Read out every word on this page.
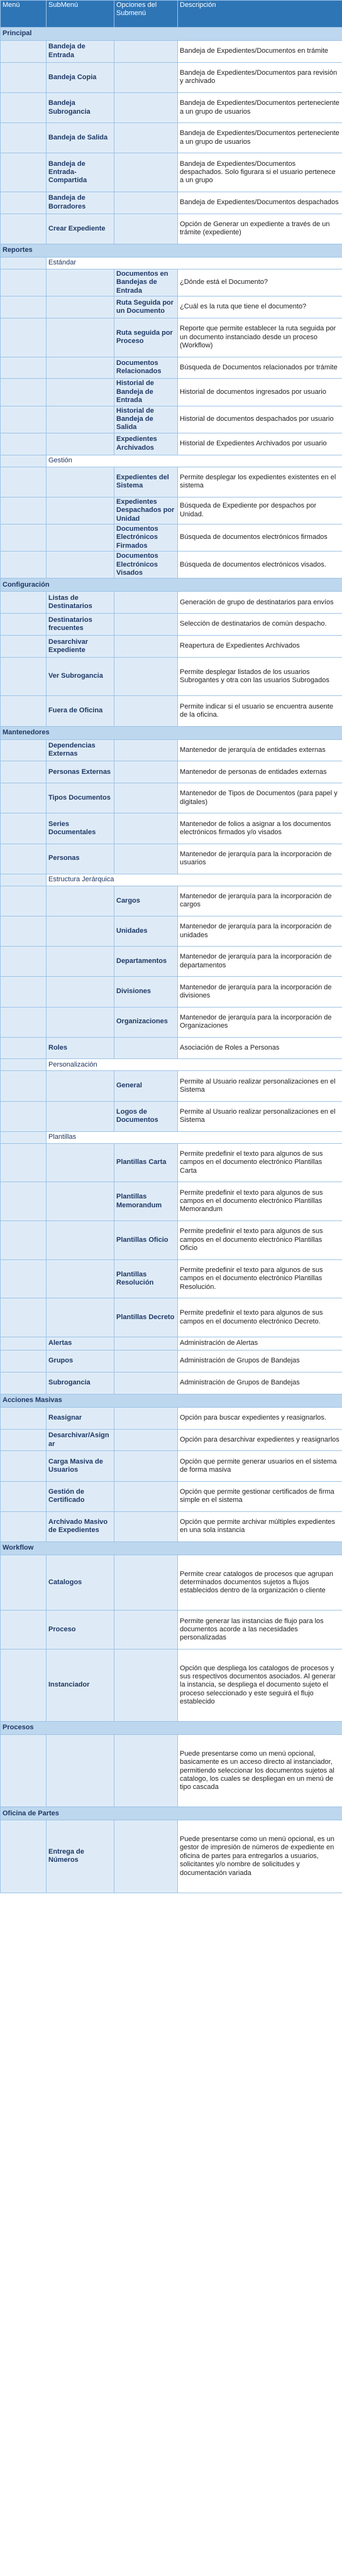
Menú	SubMenú	Opciones del Submenú	Descripción
Principal			
	Bandeja de Entrada		Bandeja de Expedientes/Documentos en trámite
	Bandeja Copia		Bandeja de Expedientes/Documentos para revisión y archivado
	Bandeja Subrogancia		Bandeja de Expedientes/Documentos perteneciente a un grupo de usuarios
	Bandeja de Salida		Bandeja de Expedientes/Documentos perteneciente a un grupo de usuarios
	Bandeja de Entrada-Compartida		Bandeja de Expedientes/Documentos despachados. Solo figurara si el usuario pertenece a un grupo
	Bandeja de Borradores		Bandeja de Expedientes/Documentos despachados
	Crear Expediente		Opción de Generar un expediente a través de un trámite (expediente)
Reportes			
	Estándar		
		Documentos en Bandejas de Entrada	¿Dónde está el Documento?
		Ruta Seguida por un Documento	¿Cuál es la ruta que tiene el documento?
		Ruta seguida por Proceso	Reporte que permite establecer la ruta seguida por un documento instanciado desde un proceso (Workflow)
		Documentos Relacionados	Búsqueda de Documentos relacionados por trámite
		Historial de Bandeja de Entrada	Historial de documentos ingresados por usuario
		Historial de Bandeja de Salida	Historial de documentos despachados por usuario
		Expedientes Archivados	Historial de Expedientes Archivados por usuario
	Gestión		
		Expedientes del Sistema	Permite desplegar los expedientes existentes en el sistema
		Expedientes Despachados por Unidad	Búsqueda de Expediente por despachos por Unidad.
		Documentos Electrónicos Firmados	Búsqueda de documentos electrónicos firmados
		Documentos Electrónicos Visados	Búsqueda de documentos electrónicos visados.
Configuración			
	Listas de Destinatarios		Generación de grupo de destinatarios para envíos
	Destinatarios frecuentes		Selección de destinatarios de común despacho.
	Desarchivar Expediente		Reapertura de Expedientes Archivados
	Ver Subrogancia		Permite desplegar listados de los usuarios Subrogantes y otra con las usuarios Subrogados
	Fuera de Oficina		Permite indicar si el usuario se encuentra ausente de la oficina.
Mantenedores			
	Dependencias Externas		Mantenedor de jerarquía de entidades externas
	Personas Externas		Mantenedor de personas de entidades externas
	Tipos Documentos		Mantenedor de Tipos de Documentos (para papel y digitales)
	Series Documentales		Mantenedor de folios a asignar a los documentos electrónicos firmados y/o visados
	Personas		Mantenedor de jerarquía para la incorporación de usuarios
	Estructura Jerárquica		
		Cargos	Mantenedor de jerarquía para la incorporación de cargos
		Unidades	Mantenedor de jerarquía para la incorporación de unidades
		Departamentos	Mantenedor de jerarquía para la incorporación de departamentos
		Divisiones	Mantenedor de jerarquía para la incorporación de divisiones
		Organizaciones	Mantenedor de jerarquía para la incorporación de Organizaciones
	Roles		Asociación de Roles a Personas
	Personalización		
		General	Permite al Usuario realizar personalizaciones en el Sistema
		Logos de Documentos	Permite al Usuario realizar personalizaciones en el Sistema
	Plantillas		
		Plantillas Carta	Permite predefinir el texto para algunos de sus campos en el documento electrónico Plantillas Carta
		Plantillas Memorandum	Permite predefinir el texto para algunos de sus campos en el documento electrónico Plantillas Memorandum
		Plantillas Oficio	Permite predefinir el texto para algunos de sus campos en el documento electrónico Plantillas Oficio
		Plantillas Resolución	Permite predefinir el texto para algunos de sus campos en el documento electrónico Plantillas Resolución.
		Plantillas Decreto	Permite predefinir el texto para algunos de sus campos en el documento electrónico Decreto.
	Alertas		Administración de Alertas
	Grupos		Administración de Grupos de Bandejas
	Subrogancia		Administración de Grupos de Bandejas
Acciones Masivas			
	Reasignar		Opción para buscar expedientes y reasignarlos.
	Desarchivar/Asignar		Opción para desarchivar expedientes y reasignarlos
	Carga Masiva de Usuarios		Opción que permite generar usuarios en el sistema de forma masiva
	Gestión de Certificado		Opción que permite gestionar certificados de firma simple en el sistema
	Archivado Masivo de Expedientes		Opción que permite archivar múltiples expedientes en una sola instancia
Workflow			
	Catalogos		Permite crear catalogos de procesos que agrupan determinados documentos sujetos a flujos establecidos dentro de la organización o cliente
	Proceso		Permite generar las instancias de flujo para los documentos acorde a las necesidades personalizadas
	Instanciador		Opción que despliega los catalogos de procesos y sus respectivos documentos asociados. Al generar la instancia, se despliega el documento sujeto el proceso seleccionado y este seguirá el flujo establecido
Procesos			
			Puede presentarse como un menú opcional, basicamente es un acceso directo al instanciador, permitiendo seleccionar los documentos sujetos al catalogo, los cuales se despliegan en un menú de tipo cascada
Oficina de Partes			
	Entrega de Números		Puede presentarse como un menú opcional, es un gestor de impresión de números de expediente en oficina de partes para entregarlos a usuarios, solicitantes y/o nombre de solicitudes y documentación variada
